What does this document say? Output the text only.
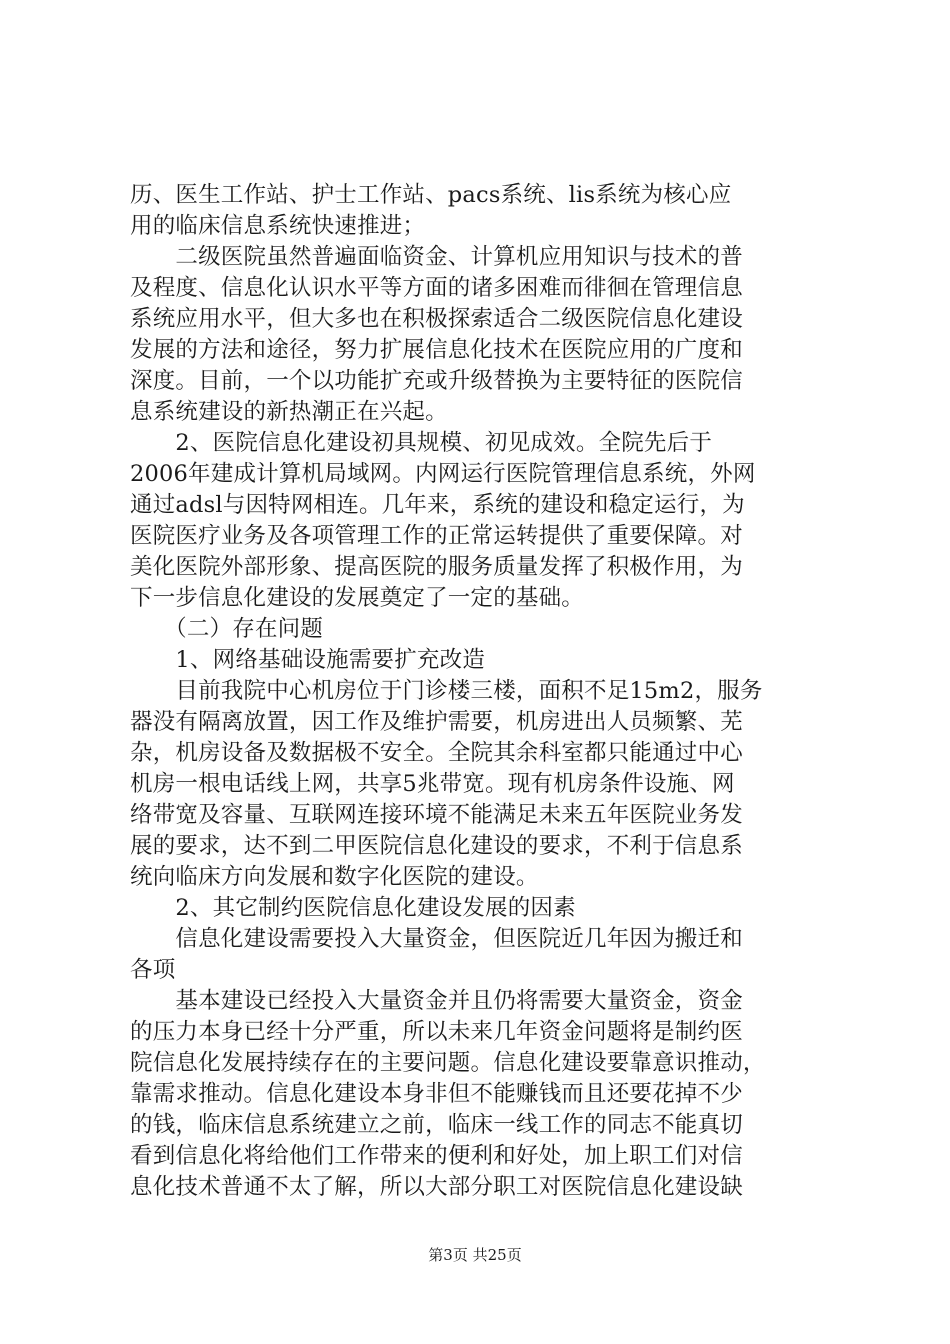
历、医生工作站、护士工作站、pacs系统、lis系统为核心应
用的临床信息系统快速推进；
　　二级医院虽然普遍面临资金、计算机应用知识与技术的普
及程度、信息化认识水平等方面的诸多困难而徘徊在管理信息
系统应用水平，但大多也在积极探索适合二级医院信息化建设
发展的方法和途径，努力扩展信息化技术在医院应用的广度和
深度。目前，一个以功能扩充或升级替换为主要特征的医院信
息系统建设的新热潮正在兴起。
　　2、医院信息化建设初具规模、初见成效。全院先后于
2006年建成计算机局域网。内网运行医院管理信息系统，外网
通过adsl与因特网相连。几年来，系统的建设和稳定运行，为
医院医疗业务及各项管理工作的正常运转提供了重要保障。对
美化医院外部形象、提高医院的服务质量发挥了积极作用，为
下一步信息化建设的发展奠定了一定的基础。
　　（二）存在问题
　　1、网络基础设施需要扩充改造
　　目前我院中心机房位于门诊楼三楼，面积不足15m2，服务
器没有隔离放置，因工作及维护需要，机房进出人员频繁、芜
杂，机房设备及数据极不安全。全院其余科室都只能通过中心
机房一根电话线上网，共享5兆带宽。现有机房条件设施、网
络带宽及容量、互联网连接环境不能满足未来五年医院业务发
展的要求，达不到二甲医院信息化建设的要求，不利于信息系
统向临床方向发展和数字化医院的建设。
　　2、其它制约医院信息化建设发展的因素
　　信息化建设需要投入大量资金，但医院近几年因为搬迁和
各项
　　基本建设已经投入大量资金并且仍将需要大量资金，资金
的压力本身已经十分严重，所以未来几年资金问题将是制约医
院信息化发展持续存在的主要问题。信息化建设要靠意识推动，
靠需求推动。信息化建设本身非但不能赚钱而且还要花掉不少
的钱，临床信息系统建立之前，临床一线工作的同志不能真切
看到信息化将给他们工作带来的便利和好处，加上职工们对信
息化技术普通不太了解，所以大部分职工对医院信息化建设缺
第3页 共25页
